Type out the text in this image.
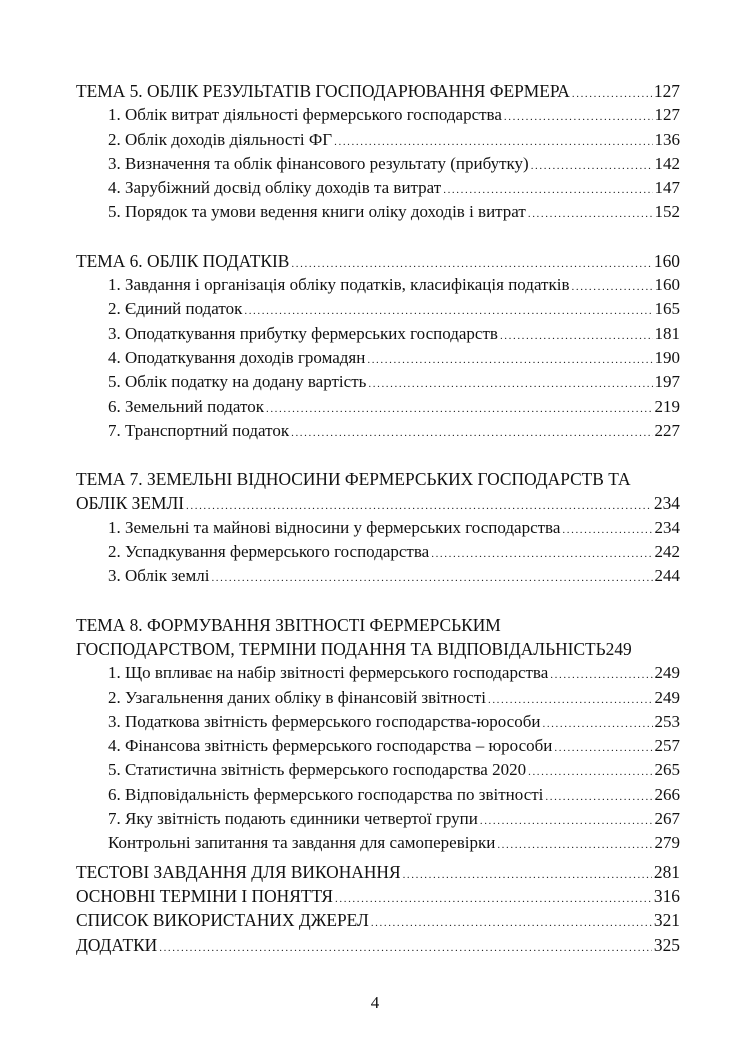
ТЕМА 5. ОБЛІК РЕЗУЛЬТАТІВ ГОСПОДАРЮВАННЯ ФЕРМЕРА .....	127
1. Облік витрат діяльності фермерського господарства .....	127
2. Облік доходів діяльності ФГ .....	136
3. Визначення та облік фінансового результату (прибутку) .....	142
4. Зарубіжний досвід обліку доходів та витрат .....	147
5. Порядок та умови ведення книги оліку доходів і витрат .....	152
ТЕМА 6. ОБЛІК ПОДАТКІВ .....	160
1. Завдання і організація обліку податків, класифікація податків .....	160
2. Єдиний податок .....	165
3. Оподаткування прибутку фермерських господарств .....	181
4. Оподаткування доходів громадян .....	190
5. Облік податку на додану вартість .....	197
6. Земельний податок .....	219
7. Транспортний податок .....	227
ТЕМА 7. ЗЕМЕЛЬНІ ВІДНОСИНИ ФЕРМЕРСЬКИХ ГОСПОДАРСТВ ТА
ОБЛІК ЗЕМЛІ .....	234
1. Земельні та майнові відносини у фермерських господарства .....	234
2. Успадкування фермерського господарства .....	242
3. Облік землі .....	244
ТЕМА 8. ФОРМУВАННЯ ЗВІТНОСТІ ФЕРМЕРСЬКИМ
ГОСПОДАРСТВОМ, ТЕРМІНИ ПОДАННЯ ТА ВІДПОВІДАЛЬНІСТЬ 249
1. Що впливає на набір звітності фермерського господарства .....	249
2. Узагальнення даних обліку в фінансовій звітності .....	249
3. Податкова звітність фермерського господарства-юрособи .....	253
4. Фінансова звітність фермерського господарства – юрособи .....	257
5. Статистична звітність фермерського господарства 2020 .....	265
6. Відповідальність фермерського господарства по звітності .....	266
7. Яку звітність подають єдинники четвертої групи .....	267
Контрольні запитання та завдання для самоперевірки .....	279
ТЕСТОВІ ЗАВДАННЯ ДЛЯ ВИКОНАННЯ .....	281
ОСНОВНІ ТЕРМІНИ І ПОНЯТТЯ .....	316
СПИСОК ВИКОРИСТАНИХ ДЖЕРЕЛ .....	321
ДОДАТКИ .....	325
4
